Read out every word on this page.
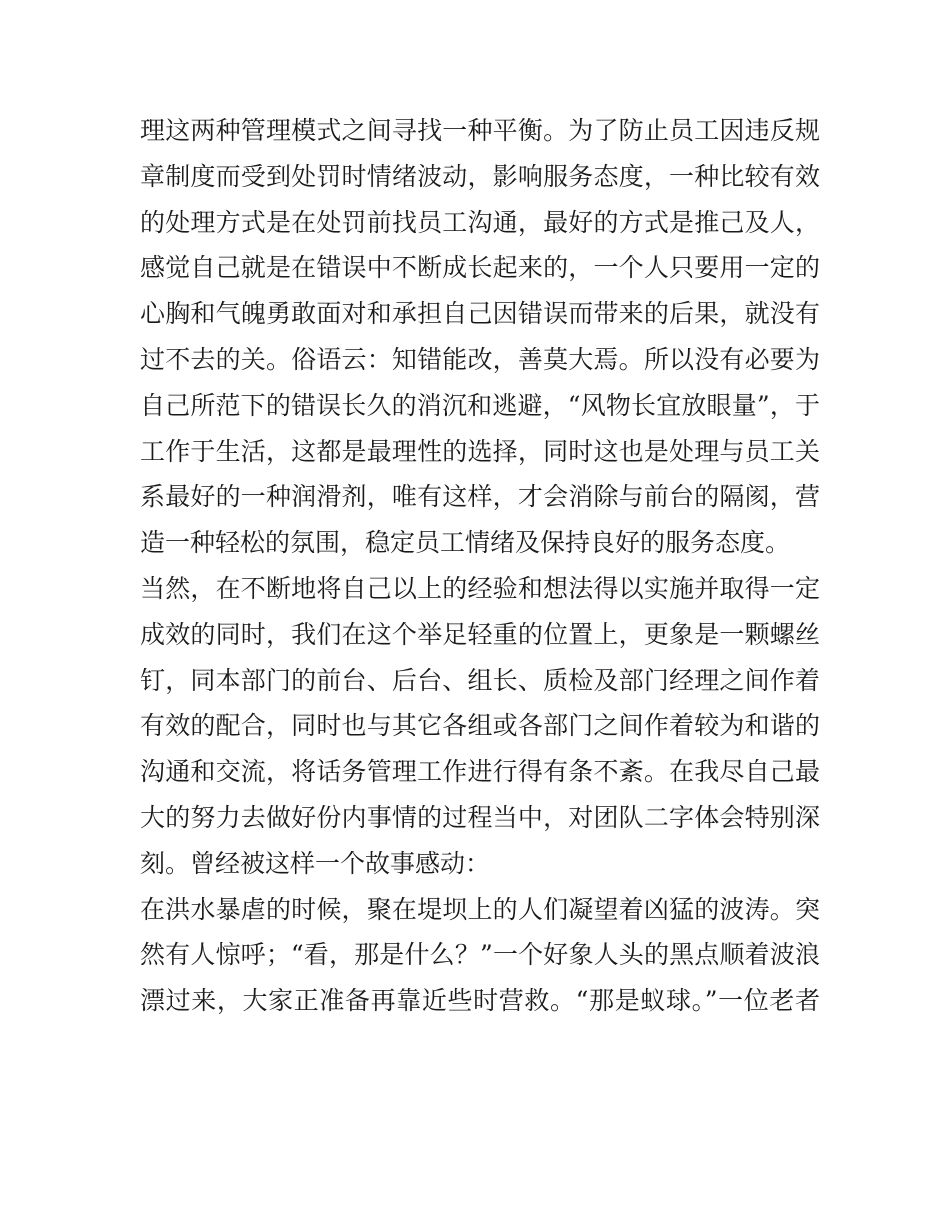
理这两种管理模式之间寻找一种平衡。为了防止员工因违反规
章制度而受到处罚时情绪波动，影响服务态度，一种比较有效
的处理方式是在处罚前找员工沟通，最好的方式是推己及人，
感觉自己就是在错误中不断成长起来的，一个人只要用一定的
心胸和气魄勇敢面对和承担自己因错误而带来的后果，就没有
过不去的关。俗语云：知错能改，善莫大焉。所以没有必要为
自己所范下的错误长久的消沉和逃避，“风物长宜放眼量”，于
工作于生活，这都是最理性的选择，同时这也是处理与员工关
系最好的一种润滑剂，唯有这样，才会消除与前台的隔阂，营
造一种轻松的氛围，稳定员工情绪及保持良好的服务态度。
当然，在不断地将自己以上的经验和想法得以实施并取得一定
成效的同时，我们在这个举足轻重的位置上，更象是一颗螺丝
钉，同本部门的前台、后台、组长、质检及部门经理之间作着
有效的配合，同时也与其它各组或各部门之间作着较为和谐的
沟通和交流，将话务管理工作进行得有条不紊。在我尽自己最
大的努力去做好份内事情的过程当中，对团队二字体会特别深
刻。曾经被这样一个故事感动：
在洪水暴虐的时候，聚在堤坝上的人们凝望着凶猛的波涛。突
然有人惊呼；“看，那是什么？”一个好象人头的黑点顺着波浪
漂过来，大家正准备再靠近些时营救。“那是蚁球。”一位老者
